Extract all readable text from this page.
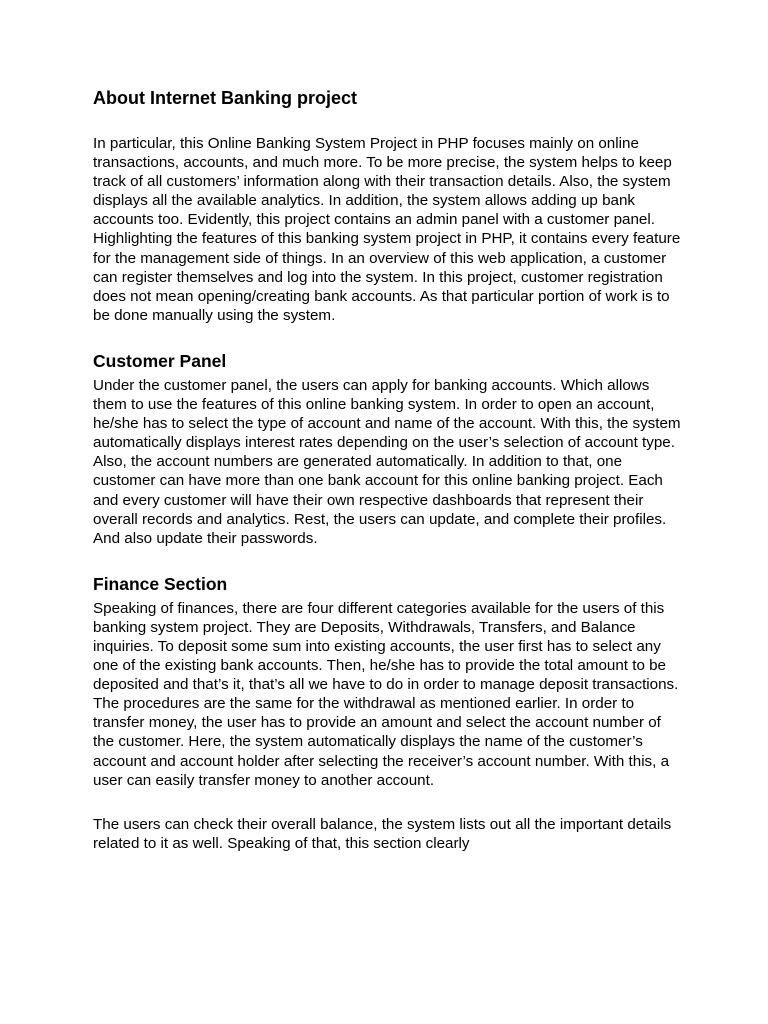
About Internet Banking project

In particular, this Online Banking System Project in PHP focuses mainly on online transactions, accounts, and much more. To be more precise, the system helps to keep track of all customers’ information along with their transaction details. Also, the system displays all the available analytics. In addition, the system allows adding up bank accounts too. Evidently, this project contains an admin panel with a customer panel. Highlighting the features of this banking system project in PHP, it contains every feature for the management side of things. In an overview of this web application, a customer can register themselves and log into the system. In this project, customer registration does not mean opening/creating bank accounts. As that particular portion of work is to be done manually using the system.

Customer Panel

Under the customer panel, the users can apply for banking accounts. Which allows them to use the features of this online banking system. In order to open an account, he/she has to select the type of account and name of the account. With this, the system automatically displays interest rates depending on the user’s selection of account type. Also, the account numbers are generated automatically. In addition to that, one customer can have more than one bank account for this online banking project. Each and every customer will have their own respective dashboards that represent their overall records and analytics. Rest, the users can update, and complete their profiles. And also update their passwords.

Finance Section

Speaking of finances, there are four different categories available for the users of this banking system project. They are Deposits, Withdrawals, Transfers, and Balance inquiries. To deposit some sum into existing accounts, the user first has to select any one of the existing bank accounts. Then, he/she has to provide the total amount to be deposited and that’s it, that’s all we have to do in order to manage deposit transactions. The procedures are the same for the withdrawal as mentioned earlier. In order to transfer money, the user has to provide an amount and select the account number of the customer. Here, the system automatically displays the name of the customer’s account and account holder after selecting the receiver’s account number. With this, a user can easily transfer money to another account.

The users can check their overall balance, the system lists out all the important details related to it as well. Speaking of that, this section clearly
